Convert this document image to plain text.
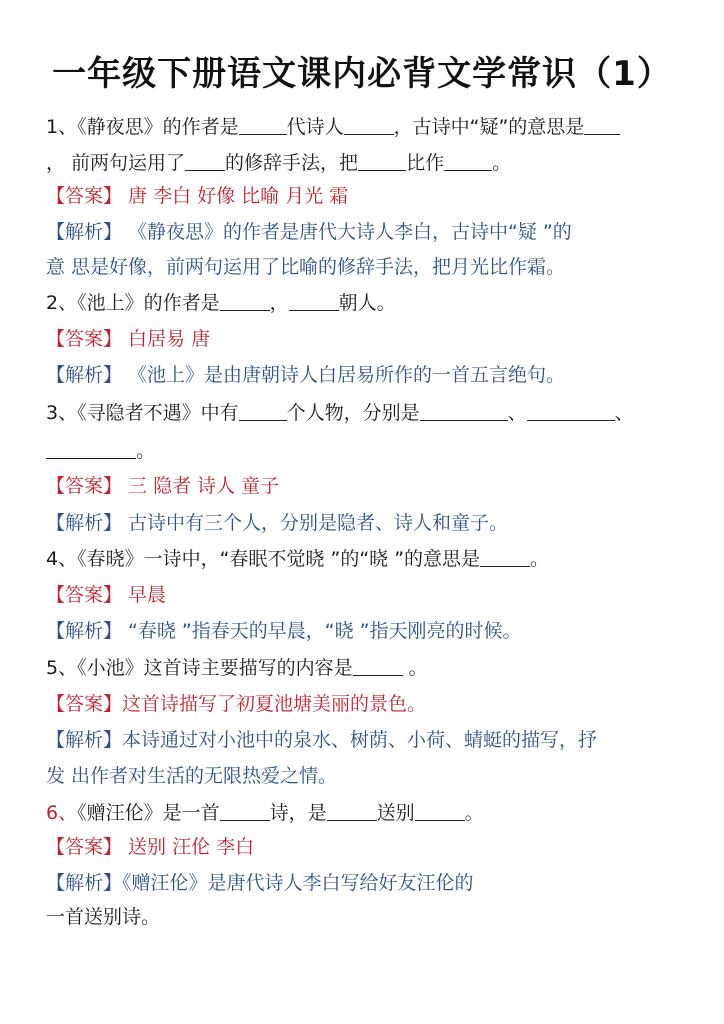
一年级下册语文课内必背文学常识（1）
1、《静夜思》的作者是	代诗人	，古诗中“疑”的意思是
， 前两句运用了 的修辞手法，把	比作	。
【答案】 唐 李白 好像 比喻 月光 霜
【解析】 《静夜思》的作者是唐代大诗人李白，古诗中“疑 ”的
意 思是好像，前两句运用了比喻的修辞手法，把月光比作霜。
2、《池上》的作者是	，	朝人。
【答案】 白居易 唐
【解析】 《池上》是由唐朝诗人白居易所作的一首五言绝句。
3、《寻隐者不遇》中有	个人物，分别是	、	、
。
【答案】 三 隐者 诗人 童子
【解析】 古诗中有三个人，分别是隐者、诗人和童子。
4、《春晓》一诗中，“春眠不觉晓 ”的“晓 ”的意思是	。
【答案】 早晨
【解析】 “春晓 ”指春天的早晨，“晓 ”指天刚亮的时候。
5、《小池》这首诗主要描写的内容是	。
【答案】这首诗描写了初夏池塘美丽的景色。
【解析】本诗通过对小池中的泉水、树荫、小荷、蜻蜓的描写，抒
发 出作者对生活的无限热爱之情。
6、《赠汪伦》是一首	诗，是	送别	。
【答案】 送别 汪伦 李白
【解析】《赠汪伦》是唐代诗人李白写给好友汪伦的
一首送别诗。
